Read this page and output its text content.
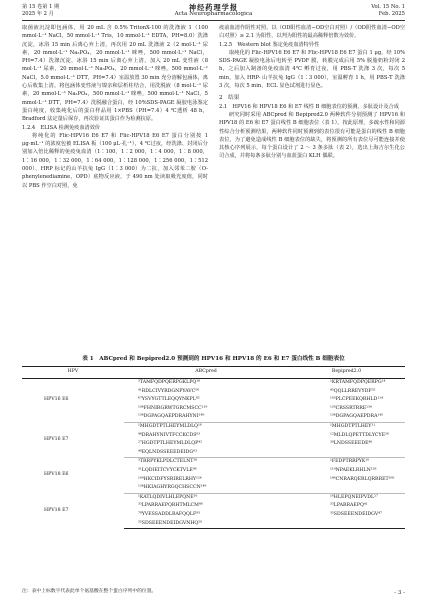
第 15 卷第 1 期
2025 年 2 月
神经药理学报
Acta Neuropharmacologica
Vol. 15 No. 1
Feb. 2025

取菌液沉淀即包涵体，用 20 mL 含 0.5% TritonX-100 的洗涤液 1（100 mmol·L⁻¹ NaCl，50 mmol·L⁻¹ Tris，10 mmol·L⁻¹ EDTA，PH=8.0）洗涤沉淀，冰浴 15 min 后离心弃上清，再次用 20 mL 洗涤液 2（2 mol·L⁻¹ 尿素，20 mmol·L⁻¹ Na₃PO₄，20 mmol·L⁻¹ 咪唑，500 mmol·L⁻¹ NaCl，PH=7.4）洗涤沉淀，冰浴 15 min 后离心弃上清，加入 20 mL 变性液（8 mol·L⁻¹ 尿素，20 mmol·L⁻¹ Na₃PO₄，20 mmol·L⁻¹ 咪唑，500 mmol·L⁻¹ NaCl，5.0 mmol·L⁻¹ DTT，PH=7.4）室温放置 30 min 充分溶解包涵体，离心后收集上清。将包涵体变性液与镍亲和层析柱结合，用洗脱液（8 mol·L⁻¹ 尿素，20 mmol·L⁻¹ Na₃PO₄，500 mmol·L⁻¹ 咪唑，500 mmol·L⁻¹ NaCl，5 mmol·L⁻¹ DTT，PH=7.4）洗脱融合蛋白，经 10%SDS-PAGE 凝胶电泳鉴定蛋白纯度，收集纯化后的蛋白样品用 1×PBS（PH=7.4）4 ℃透析 48 h，Bradford 法定量后保存，再次验证其蛋白作为检测抗原。

1.2.4　ELISA 检测免疫血清效价

将纯化的 Flic-HPV16 E6 E7 和 Flic-HPV18 E6 E7 蛋白分别按 1 μg·mL⁻¹ 的浓度包被 ELISA 板（100 μL·孔⁻¹），4 ℃过夜，经洗涤、封闭后分别加入倍比稀释的免疫兔血清（1∶100，1∶2 000，1∶4 000，1∶8 000，1∶16 000，1∶32 000，1∶64 000，1∶128 000，1∶256 000，1∶512 000），HRP 标记的山羊抗兔 IgG（1∶3 000）为二抗，加入邻苯二胺（O-phenylenediamine，OPD）底物反应液，于 490 nm 处读取吸光度值，同时以 PBS 作空白对照，免

疫前血清作阴性对照。以（OD阳性血清−OD空白对照）/（OD阴性血清−OD空白对照）≥ 2.1 为阳性，以判为阳性的最高稀释倍数为效价。

1.2.5　Western blot 鉴定免疫血清特异性

取纯化的 Flic-HPV16 E6 E7 和 Flic-HPV18 E6 E7 蛋白 1 μg，经 10% SDS-PAGE 凝胶电泳后电转至 PVDF 膜，转膜完成后用 5% 脱脂奶粉封闭 2 h，之后加入制备的免疫血清 4℃ 孵育过夜，用 PBS-T 洗涤 3 次，每次 5 min，加入 HRP- 山羊抗兔 IgG（1∶3 000），室温孵育 1 h，用 PBS-T 洗涤 3 次，每次 5 min，ECL 显色试剂进行显色。

2　结果

2.1　HPV16 和 HPV18 E6 和 E7 线性 B 细胞表位的预测、多肽设计及合成

研究同时采用 ABCpred 和 Bepipred2.0 两种软件分别预测了 HPV16 和 HPV18 的 E6 和 E7 蛋白线性 B 细胞表位（表 1）。按此原理，多疏水性和同源性综合分析预测结果，两种软件同时预测到的表位很有可能是蛋白的线性 B 细胞表位，为了避免造成线性 B 细胞表位的缺失，将预测的所有表位尽可能连接并使其核心序列展示，每个蛋白设计了 2 ～ 3 条多肽（表 2），选出上海吉尔生化公司合成，并将每条多肽分别与血蓝蛋白 KLH 偶联。

表 1　ABCpred 和 Bepipred2.0 预测到的 HPV16 和 HPV18 的 E6 和 E7 蛋白线性 B 细胞表位
HPV	ABCpred	Bepipred2.0
HPV16 E6	³TAMFQDPQERPGKLPQ¹⁸	¹KRTAMFQDPQERPG¹⁴
	⁴¹RDLCIVYRDGNPYAVC⁵⁶	⁴⁵QQLLRREVYDF⁵⁵
	⁶⁷YSVYGTTLEQQYNKPL⁸²	¹⁰³PLCPEEKQRHLD¹¹⁴
	¹⁰⁴FHNIRGRWTGRCMSCC¹¹⁹	¹²⁶CRSSRTRRE¹³⁴
	¹³⁴DGPAGQAEPDRAHYNI¹⁴⁹	¹³⁴DGPAGQAEPDRA¹⁴⁵
HPV16 E7	¹MHGDTPTLHEYMLDLQ¹⁶	¹MHGDTPTLHEY¹¹
	⁴⁸DRAHYNIVTFCCKCDS⁶³	¹²MLDLQPETTDLYCYE²⁶
	²⁷HGDTPTLHEYMLDLQP⁴²	³⁰LNDSSEEEDE⁴⁰
	⁴⁸EQLNDSSEEEDEIDG⁶³	
HPV18 E6	³TRRPYKLPDLCTELNT¹⁸	¹FEDPTRRPYK¹⁰
	³¹LQDIEITCVYCKTVLE⁴⁶	¹¹⁹NPAEKLRHLN¹²⁸
	¹⁰⁹HKCIDFYSRIRELRHY¹²⁴	¹⁴⁶CNRARQERLQRRRET¹⁶⁰
	¹³⁴HKIAGHYRGQCHSCCN¹⁴⁹	
HPV18 E7	¹KATLQDIVLHLEPQNE¹⁶	¹⁶HLEPQNEIPVDL²⁷
	³³LPARRAEPQRHTMLCM⁴⁸	³³LPARRAEPQ⁴¹
	⁷⁸YVESSADDLRAFQQLF⁹³	³⁵SDSEEENDEIDGV⁴⁷
	³⁵SDSEEENDEIDGVNHQ⁵⁰	
注：表中上标数字代表此单个氨基酸在整个蛋白序列中的位置。	- 3 -
